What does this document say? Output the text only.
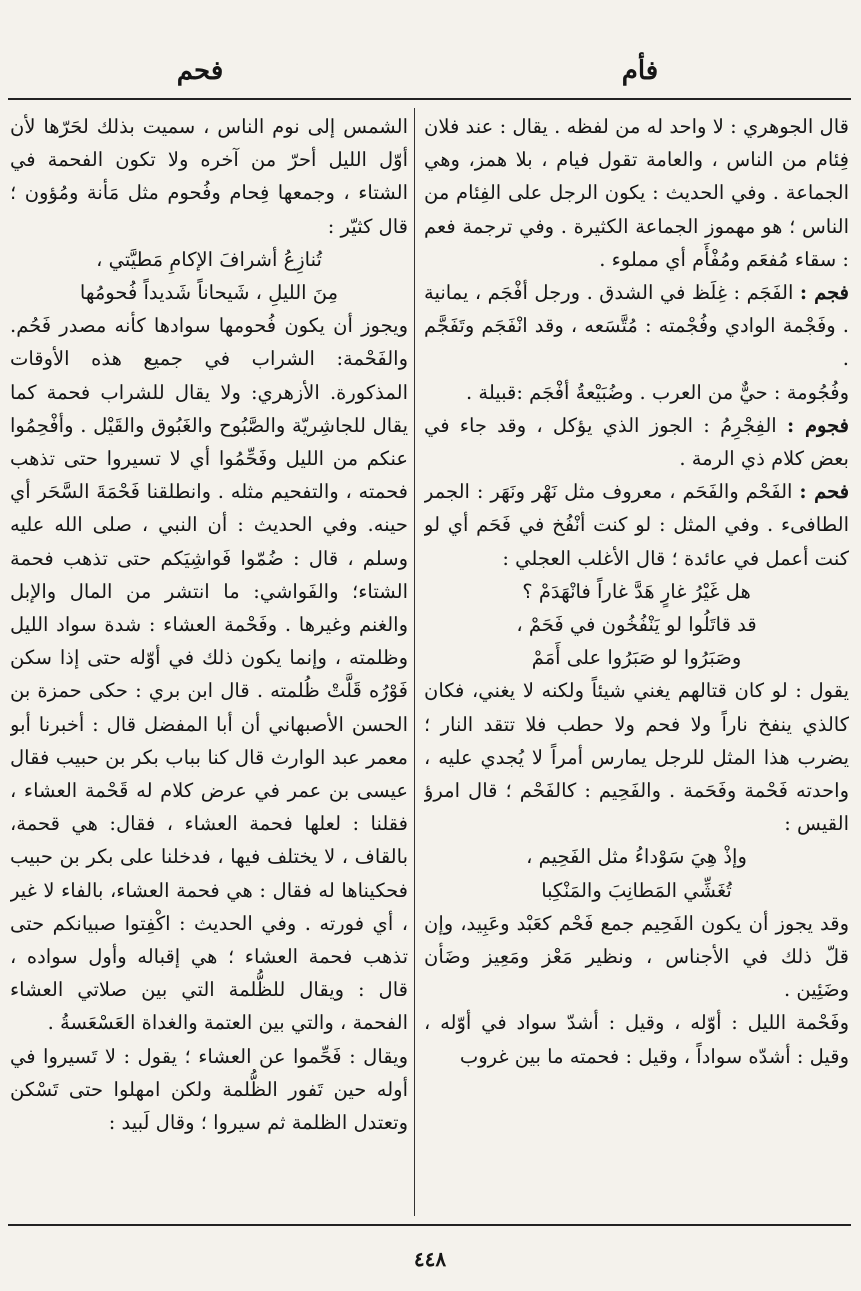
فأم
فحم

قال الجوهري : لا واحد له من لفظه . يقال : عند فلان فِئام من الناس ، والعامة تقول فيام ، بلا همز، وهي الجماعة . وفي الحديث : يكون الرجل على الفِئام من الناس ؛ هو مهموز الجماعة الكثيرة . وفي ترجمة فعم : سقاء مُفعَم ومُفْأَم أي مملوء .

فجم : الفَجَم : غِلَظ في الشدق . ورجل أفْجَم ، يمانية . وفَجْمة الوادي وفُجْمته : مُتَّسَعه ، وقد انْفَجَم وتَفَجَّم .

وفُجُومة : حيٌّ من العرب . وضُبَيْعةُ أفْجَم :قبيلة .

فجوم : الفِجْرِمُ : الجوز الذي يؤكل ، وقد جاء في بعض كلام ذي الرمة .

فحم : الفَحْم والفَحَم ، معروف مثل نَهْر ونَهَر : الجمر الطافىء . وفي المثل : لو كنت أنْفُخ في فَحَم أي لو كنت أعمل في عائدة ؛ قال الأغلب العجلي :

هل غَيْرُ غارٍ هَدَّ غاراً فانْهَدَمْ ؟

قد قاتَلُوا لو يَنْفُخُون في فَحَمْ ،

وصَبَرُوا لو صَبَرُوا على أَمَمْ

يقول : لو كان قتالهم يغني شيئاً ولكنه لا يغني، فكان كالذي ينفخ ناراً ولا فحم ولا حطب فلا تتقد النار ؛ يضرب هذا المثل للرجل يمارس أمراً لا يُجدي عليه ، واحدته فَحْمة وفَحَمة . والفَحِيم : كالفَحْم ؛ قال امرؤ القيس :

وإذْ هِيَ سَوْداءُ مثل الفَحِيم ،

تُغَشِّي المَطانِبَ والمَنْكِبا

وقد يجوز أن يكون الفَحِيم جمع فَحْم كعَبْد وعَبِيد، وإن قلّ ذلك في الأجناس ، ونظير مَعْز ومَعِيز وضَأن وضَئِين .

وفَحْمة الليل : أوّله ، وقيل : أشدّ سواد في أوّله ، وقيل : أشدّه سواداً ، وقيل : فحمته ما بين غروب

الشمس إلى نوم الناس ، سميت بذلك لحَرّها لأن أوّل الليل أحرّ من آخره ولا تكون الفحمة في الشتاء ، وجمعها فِحام وفُحوم مثل مَأنة ومُؤون ؛ قال كثيّر :

تُنازِعُ أشرافَ الإكامِ مَطيَّتي ،

مِنَ الليلِ ، شَيحاناً شَديداً فُحومُها

ويجوز أن يكون فُحومها سوادها كأنه مصدر فَحُم. والفَحْمة: الشراب في جميع هذه الأوقات المذكورة. الأزهري: ولا يقال للشراب فحمة كما يقال للجاشِريّة والصَّبُوح والغَبُوق والقَيْل . وأفْحِمُوا عنكم من الليل وفَحِّمُوا أي لا تسيروا حتى تذهب فحمته ، والتفحيم مثله . وانطلقنا فَحْمَةَ السَّحَر أي حينه. وفي الحديث : أن النبي ، صلى الله عليه وسلم ، قال : ضُمّوا فَواشِيَكم حتى تذهب فحمة الشتاء؛ والفَواشي: ما انتشر من المال والإبل والغنم وغيرها . وفَحْمة العشاء : شدة سواد الليل وظلمته ، وإنما يكون ذلك في أوّله حتى إذا سكن فَوْرُه قَلَّتْ ظُلمته . قال ابن بري : حكى حمزة بن الحسن الأصبهاني أن أبا المفضل قال : أخبرنا أبو معمر عبد الوارث قال كنا بباب بكر بن حبيب فقال عيسى بن عمر في عرض كلام له قَحْمة العشاء ، فقلنا : لعلها فحمة العشاء ، فقال: هي قحمة، بالقاف ، لا يختلف فيها ، فدخلنا على بكر بن حبيب فحكيناها له فقال : هي فحمة العشاء، بالفاء لا غير ، أي فورته . وفي الحديث : اكْفِتوا صبيانكم حتى تذهب فحمة العشاء ؛ هي إقباله وأول سواده ، قال : ويقال للظُّلمة التي بين صلاتي العشاء الفحمة ، والتي بين العتمة والغداة العَسْعَسةُ .

ويقال : فَحِّموا عن العشاء ؛ يقول : لا تَسيروا في أوله حين تَفور الظُّلمة ولكن امهلوا حتى تَسْكن وتعتدل الظلمة ثم سيروا ؛ وقال لَبيد :

٤٤٨
